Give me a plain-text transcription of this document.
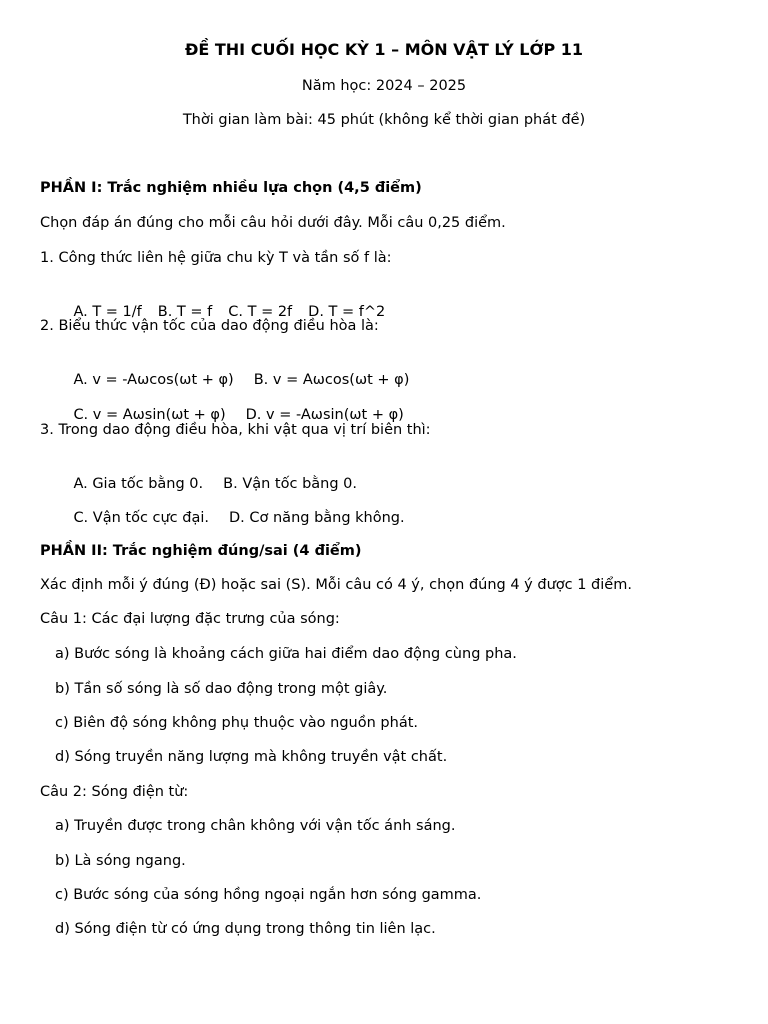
ĐỀ THI CUỐI HỌC KỲ 1 – MÔN VẬT LÝ LỚP 11
Năm học: 2024 – 2025
Thời gian làm bài: 45 phút (không kể thời gian phát đề)
PHẦN I: Trắc nghiệm nhiều lựa chọn (4,5 điểm)
Chọn đáp án đúng cho mỗi câu hỏi dưới đây. Mỗi câu 0,25 điểm.
1. Công thức liên hệ giữa chu kỳ T và tần số f là:

A. T = 1/f B. T = f C. T = 2f D. T = f^2

2. Biểu thức vận tốc của dao động điều hòa là:

A. v = -Aωcos(ωt + φ) B. v = Aωcos(ωt + φ)

C. v = Aωsin(ωt + φ) D. v = -Aωsin(ωt + φ)

3. Trong dao động điều hòa, khi vật qua vị trí biên thì:

A. Gia tốc bằng 0. B. Vận tốc bằng 0.

C. Vận tốc cực đại. D. Cơ năng bằng không.

PHẦN II: Trắc nghiệm đúng/sai (4 điểm)
Xác định mỗi ý đúng (Đ) hoặc sai (S). Mỗi câu có 4 ý, chọn đúng 4 ý được 1 điểm.
Câu 1: Các đại lượng đặc trưng của sóng:
a) Bước sóng là khoảng cách giữa hai điểm dao động cùng pha.
b) Tần số sóng là số dao động trong một giây.
c) Biên độ sóng không phụ thuộc vào nguồn phát.
d) Sóng truyền năng lượng mà không truyền vật chất.
Câu 2: Sóng điện từ:
a) Truyền được trong chân không với vận tốc ánh sáng.
b) Là sóng ngang.
c) Bước sóng của sóng hồng ngoại ngắn hơn sóng gamma.
d) Sóng điện từ có ứng dụng trong thông tin liên lạc.
